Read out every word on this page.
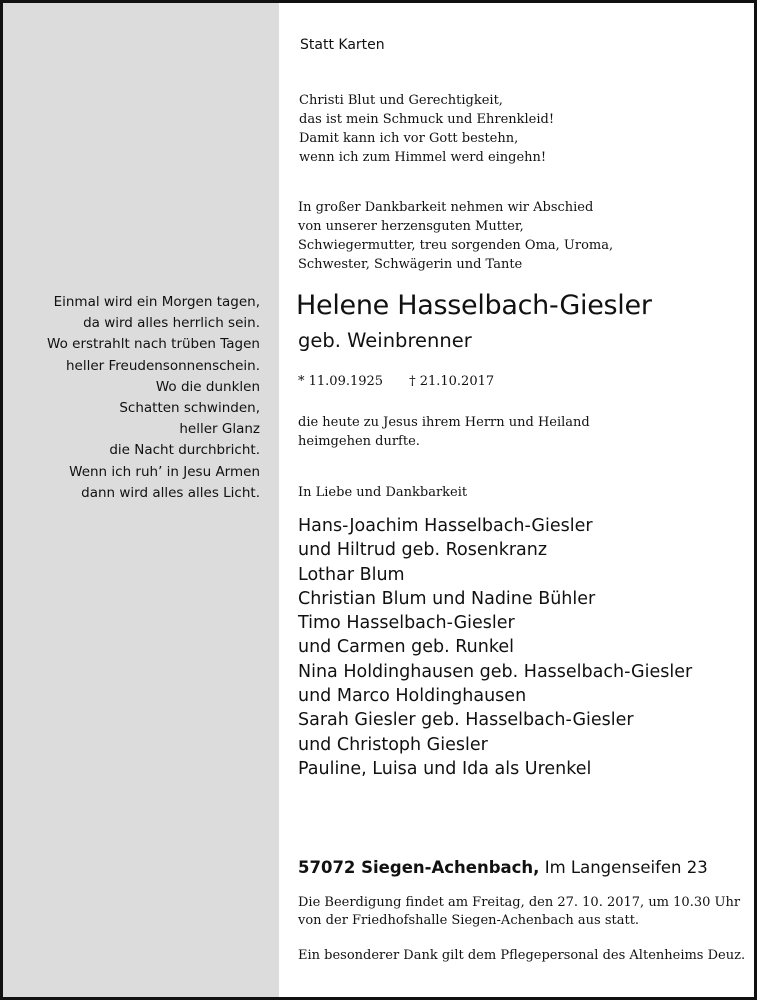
Einmal wird ein Morgen tagen,
da wird alles herrlich sein.
Wo erstrahlt nach trüben Tagen
heller Freudensonnenschein.
Wo die dunklen
Schatten schwinden,
heller Glanz
die Nacht durchbricht.
Wenn ich ruh’ in Jesu Armen
dann wird alles alles Licht.
Statt Karten
Christi Blut und Gerechtigkeit,
das ist mein Schmuck und Ehrenkleid!
Damit kann ich vor Gott bestehn,
wenn ich zum Himmel werd eingehn!
In großer Dankbarkeit nehmen wir Abschied
von unserer herzensguten Mutter,
Schwiegermutter, treu sorgenden Oma, Uroma,
Schwester, Schwägerin und Tante
Helene Hasselbach-Giesler
geb. Weinbrenner
* 11.09.1925 † 21.10.2017
die heute zu Jesus ihrem Herrn und Heiland
heimgehen durfte.
In Liebe und Dankbarkeit
Hans-Joachim Hasselbach-Giesler
und Hiltrud geb. Rosenkranz
Lothar Blum
Christian Blum und Nadine Bühler
Timo Hasselbach-Giesler
und Carmen geb. Runkel
Nina Holdinghausen geb. Hasselbach-Giesler
und Marco Holdinghausen
Sarah Giesler geb. Hasselbach-Giesler
und Christoph Giesler
Pauline, Luisa und Ida als Urenkel
57072 Siegen-Achenbach, Im Langenseifen 23
Die Beerdigung findet am Freitag, den 27. 10. 2017, um 10.30 Uhr
von der Friedhofshalle Siegen-Achenbach aus statt.
Ein besonderer Dank gilt dem Pflegepersonal des Altenheims Deuz.
